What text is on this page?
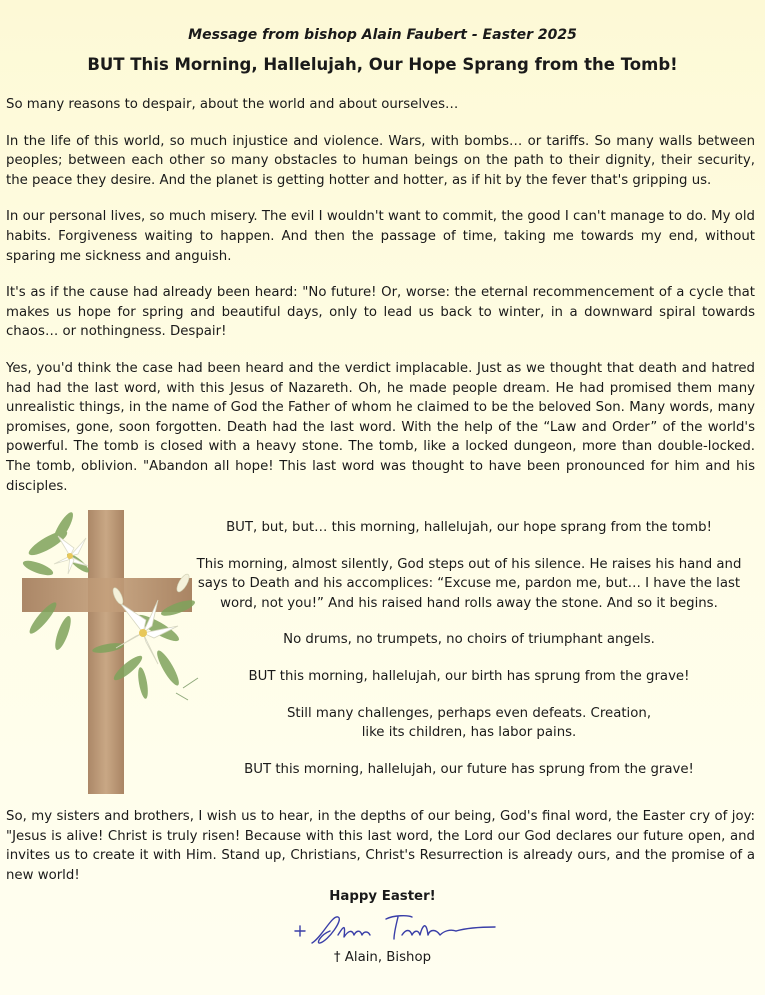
Message from bishop Alain Faubert - Easter 2025
BUT This Morning, Hallelujah, Our Hope Sprang from the Tomb!

So many reasons to despair, about the world and about ourselves…

In the life of this world, so much injustice and violence. Wars, with bombs… or tariffs. So many walls between peoples; between each other so many obstacles to human beings on the path to their dignity, their security, the peace they desire. And the planet is getting hotter and hotter, as if hit by the fever that's gripping us.

In our personal lives, so much misery. The evil I wouldn't want to commit, the good I can't manage to do. My old habits. Forgiveness waiting to happen. And then the passage of time, taking me towards my end, without sparing me sickness and anguish.

It's as if the cause had already been heard: "No future! Or, worse: the eternal recommencement of a cycle that makes us hope for spring and beautiful days, only to lead us back to winter, in a downward spiral towards chaos… or nothingness. Despair!

Yes, you'd think the case had been heard and the verdict implacable. Just as we thought that death and hatred had had the last word, with this Jesus of Nazareth. Oh, he made people dream. He had promised them many unrealistic things, in the name of God the Father of whom he claimed to be the beloved Son. Many words, many promises, gone, soon forgotten. Death had the last word. With the help of the “Law and Order” of the world's powerful. The tomb is closed with a heavy stone. The tomb, like a locked dungeon, more than double-locked. The tomb, oblivion. "Abandon all hope! This last word was thought to have been pronounced for him and his disciples.

BUT, but, but… this morning, hallelujah, our hope sprang from the tomb!

This morning, almost silently, God steps out of his silence. He raises his hand and says to Death and his accomplices: “Excuse me, pardon me, but… I have the last word, not you!” And his raised hand rolls away the stone. And so it begins.

No drums, no trumpets, no choirs of triumphant angels.

BUT this morning, hallelujah, our birth has sprung from the grave!

Still many challenges, perhaps even defeats. Creation,
like its children, has labor pains.

BUT this morning, hallelujah, our future has sprung from the grave!

So, my sisters and brothers, I wish us to hear, in the depths of our being, God's final word, the Easter cry of joy: "Jesus is alive! Christ is truly risen! Because with this last word, the Lord our God declares our future open, and invites us to create it with Him. Stand up, Christians, Christ's Resurrection is already ours, and the promise of a new world!

Happy Easter!
† Alain, Bishop
